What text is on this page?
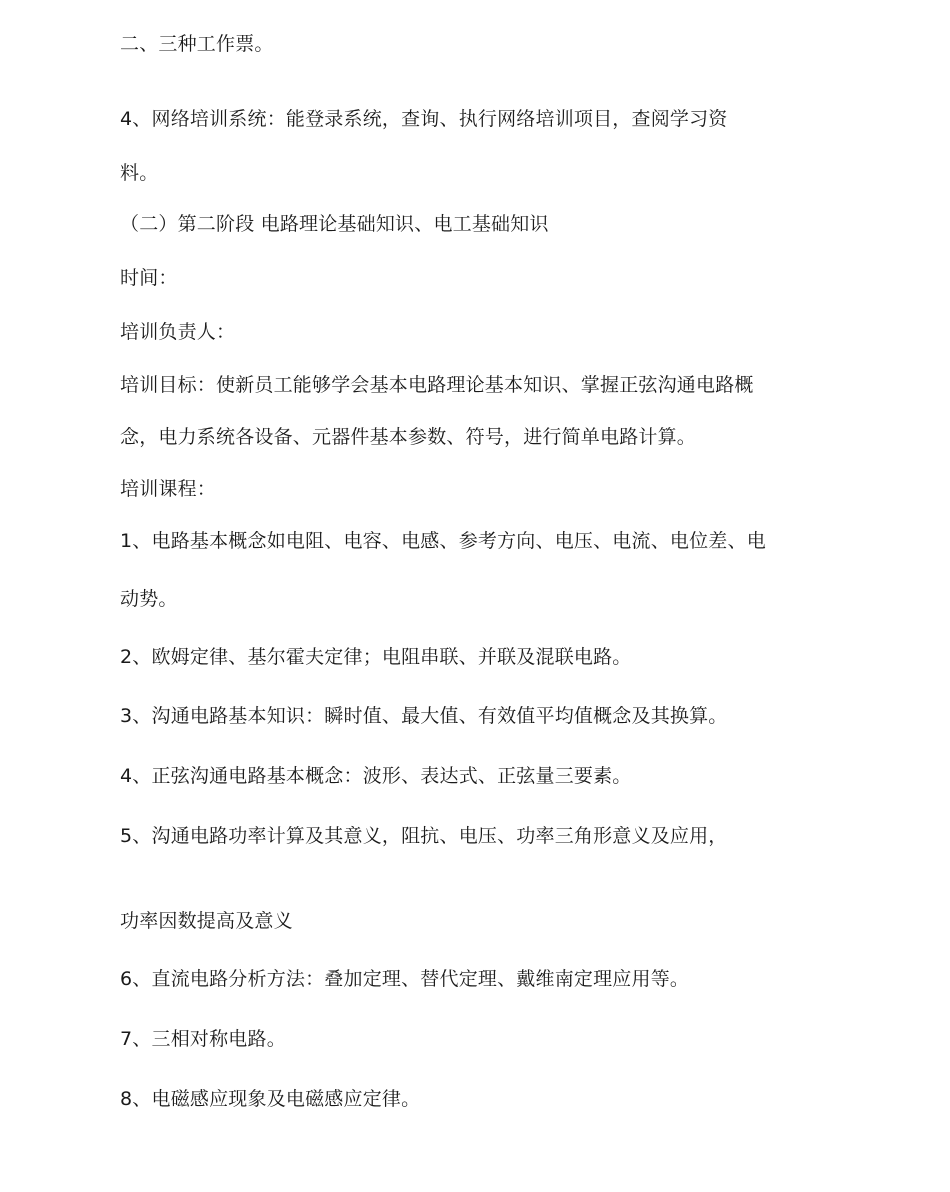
二、三种工作票。
4、网络培训系统：能登录系统，查询、执行网络培训项目，查阅学习资
料。
（二）第二阶段 电路理论基础知识、电工基础知识
时间：
培训负责人：
培训目标：使新员工能够学会基本电路理论基本知识、掌握正弦沟通电路概
念，电力系统各设备、元器件基本参数、符号，进行简单电路计算。
培训课程：
1、电路基本概念如电阻、电容、电感、参考方向、电压、电流、电位差、电
动势。
2、欧姆定律、基尔霍夫定律；电阻串联、并联及混联电路。
3、沟通电路基本知识：瞬时值、最大值、有效值平均值概念及其换算。
4、正弦沟通电路基本概念：波形、表达式、正弦量三要素。
5、沟通电路功率计算及其意义，阻抗、电压、功率三角形意义及应用，
功率因数提高及意义
6、直流电路分析方法：叠加定理、替代定理、戴维南定理应用等。
7、三相对称电路。
8、电磁感应现象及电磁感应定律。
